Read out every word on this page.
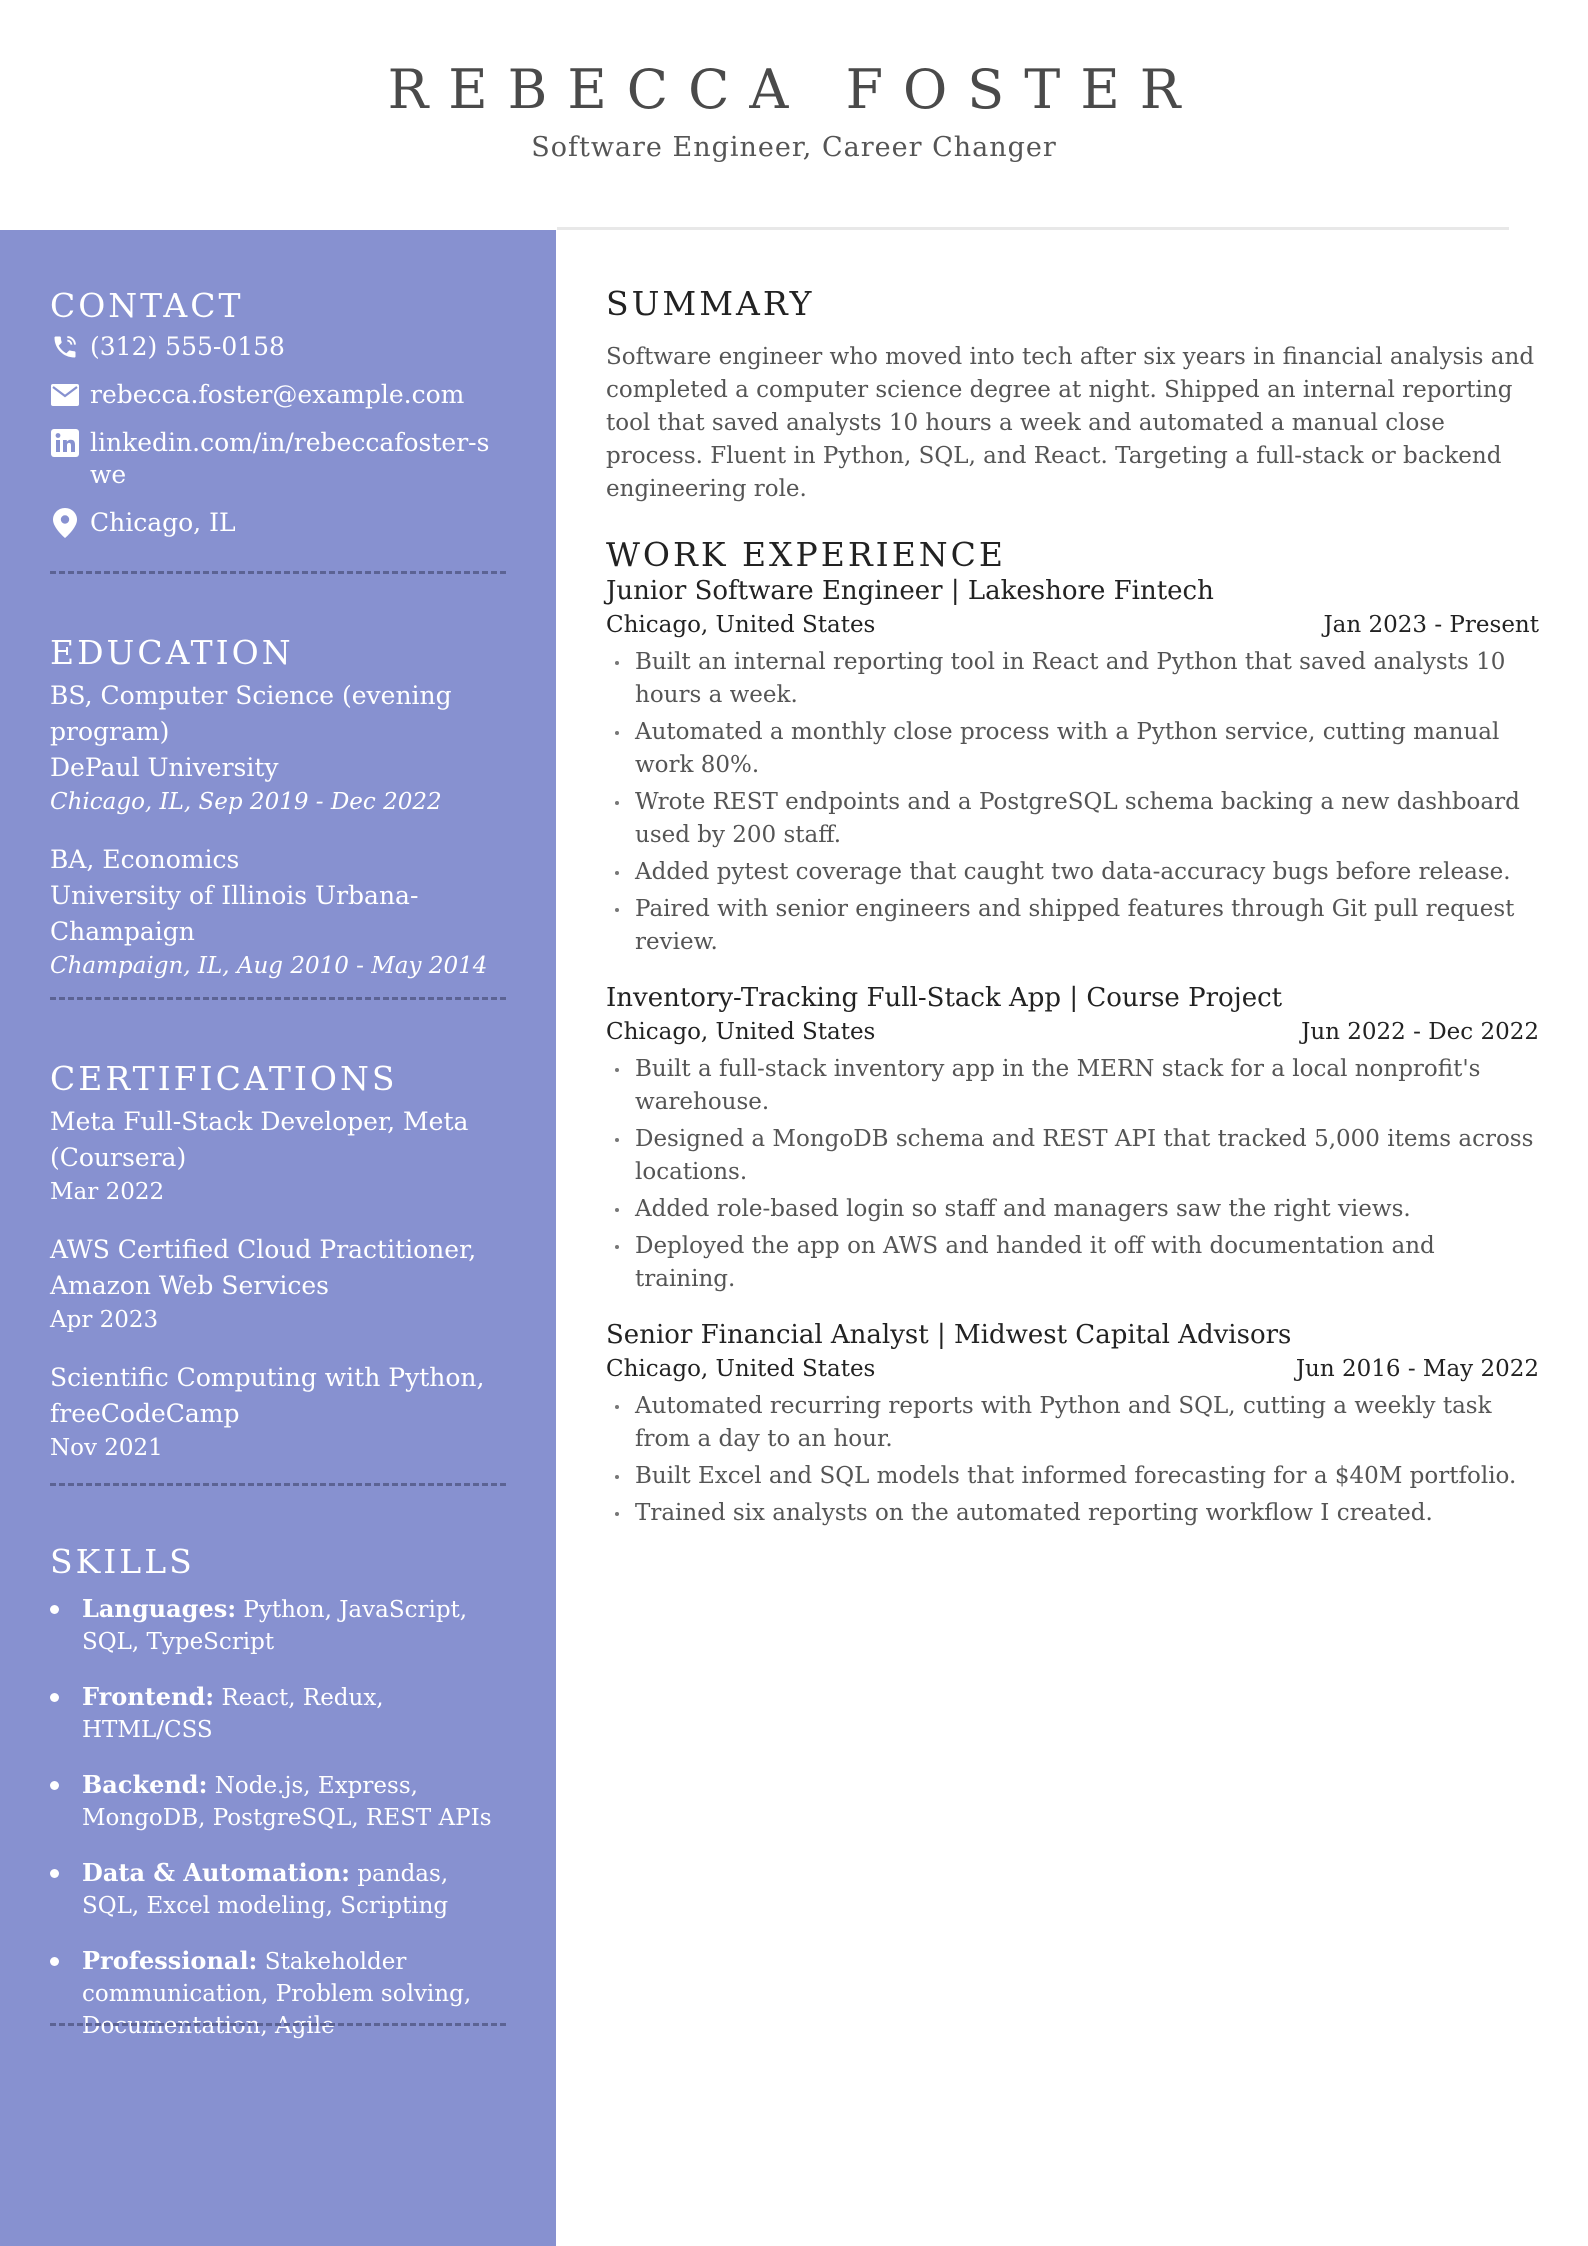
REBECCA FOSTER
Software Engineer, Career Changer
CONTACT
(312) 555-0158
rebecca.foster@example.com
linkedin.com/in/rebeccafoster-swe
Chicago, IL
EDUCATION
BS, Computer Science (evening program)
DePaul University
Chicago, IL, Sep 2019 - Dec 2022
BA, Economics
University of Illinois Urbana-Champaign
Champaign, IL, Aug 2010 - May 2014
CERTIFICATIONS
Meta Full-Stack Developer, Meta (Coursera)
Mar 2022
AWS Certified Cloud Practitioner, Amazon Web Services
Apr 2023
Scientific Computing with Python, freeCodeCamp
Nov 2021
SKILLS
Languages: Python, JavaScript, SQL, TypeScript
Frontend: React, Redux, HTML/CSS
Backend: Node.js, Express, MongoDB, PostgreSQL, REST APIs
Data & Automation: pandas, SQL, Excel modeling, Scripting
Professional: Stakeholder communication, Problem solving, Documentation, Agile
SUMMARY

Software engineer who moved into tech after six years in financial analysis and completed a computer science degree at night. Shipped an internal reporting tool that saved analysts 10 hours a week and automated a manual close process. Fluent in Python, SQL, and React. Targeting a full-stack or backend engineering role.

WORK EXPERIENCE
Junior Software Engineer | Lakeshore Fintech
Chicago, United States	Jan 2023 - Present
Built an internal reporting tool in React and Python that saved analysts 10 hours a week.
Automated a monthly close process with a Python service, cutting manual work 80%.
Wrote REST endpoints and a PostgreSQL schema backing a new dashboard used by 200 staff.
Added pytest coverage that caught two data-accuracy bugs before release.
Paired with senior engineers and shipped features through Git pull request review.
Inventory-Tracking Full-Stack App | Course Project
Chicago, United States	Jun 2022 - Dec 2022
Built a full-stack inventory app in the MERN stack for a local nonprofit's warehouse.
Designed a MongoDB schema and REST API that tracked 5,000 items across locations.
Added role-based login so staff and managers saw the right views.
Deployed the app on AWS and handed it off with documentation and training.
Senior Financial Analyst | Midwest Capital Advisors
Chicago, United States	Jun 2016 - May 2022
Automated recurring reports with Python and SQL, cutting a weekly task from a day to an hour.
Built Excel and SQL models that informed forecasting for a $40M portfolio.
Trained six analysts on the automated reporting workflow I created.
